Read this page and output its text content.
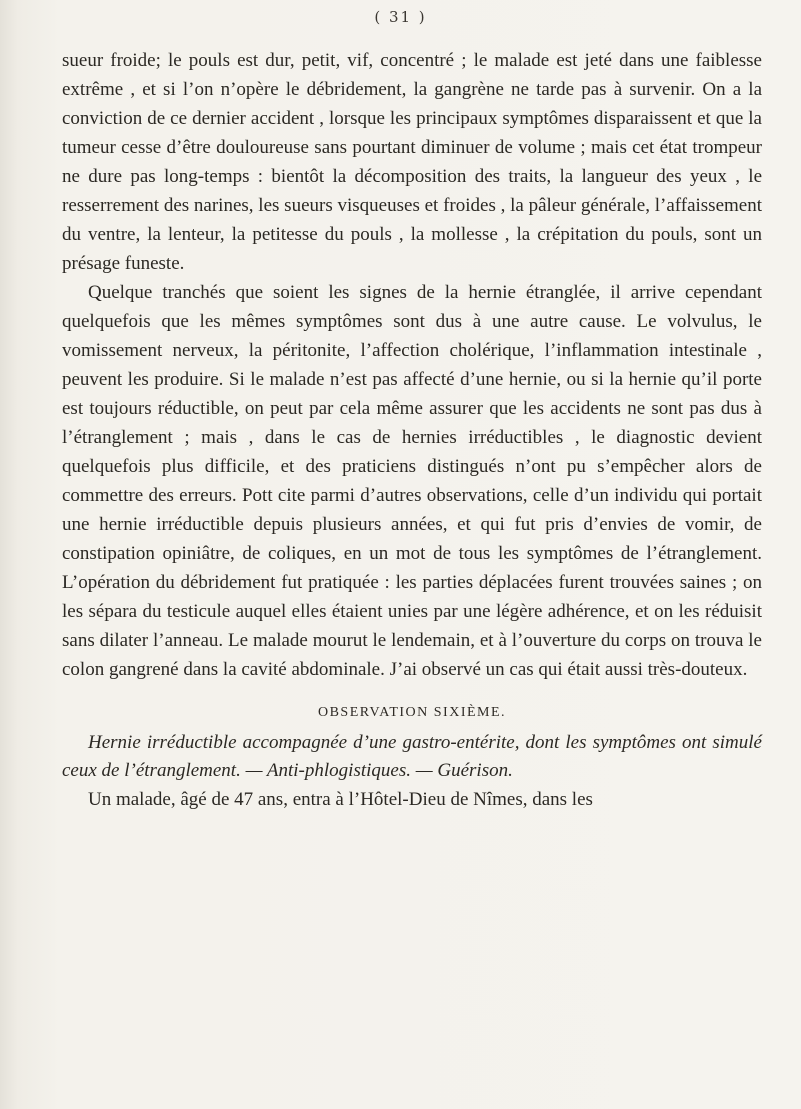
( 31 )

sueur froide; le pouls est dur, petit, vif, concentré ; le malade est jeté dans une faiblesse extrême , et si l’on n’opère le débridement, la gangrène ne tarde pas à survenir. On a la conviction de ce dernier accident , lorsque les principaux symptômes disparaissent et que la tumeur cesse d’être douloureuse sans pourtant diminuer de volume ; mais cet état trompeur ne dure pas long-temps : bientôt la décomposition des traits, la langueur des yeux , le resserrement des narines, les sueurs visqueuses et froides , la pâleur générale, l’affaissement du ventre, la lenteur, la petitesse du pouls , la mollesse , la crépitation du pouls, sont un présage funeste.

Quelque tranchés que soient les signes de la hernie étranglée, il arrive cependant quelquefois que les mêmes symptômes sont dus à une autre cause. Le volvulus, le vomissement nerveux, la péritonite, l’affection cholérique, l’inflammation intestinale , peuvent les produire. Si le malade n’est pas affecté d’une hernie, ou si la hernie qu’il porte est toujours réductible, on peut par cela même assurer que les accidents ne sont pas dus à l’étranglement ; mais , dans le cas de hernies irréductibles , le diagnostic devient quelquefois plus difficile, et des praticiens distingués n’ont pu s’empêcher alors de commettre des erreurs. Pott cite parmi d’autres observations, celle d’un individu qui portait une hernie irréductible depuis plusieurs années, et qui fut pris d’envies de vomir, de constipation opiniâtre, de coliques, en un mot de tous les symptômes de l’étranglement. L’opération du débridement fut pratiquée : les parties déplacées furent trouvées saines ; on les sépara du testicule auquel elles étaient unies par une légère adhérence, et on les réduisit sans dilater l’anneau. Le malade mourut le lendemain, et à l’ouverture du corps on trouva le colon gangrené dans la cavité abdominale. J’ai observé un cas qui était aussi très-douteux.

OBSERVATION SIXIÈME.

Hernie irréductible accompagnée d’une gastro-entérite, dont les symptômes ont simulé ceux de l’étranglement. — Anti-phlogistiques. — Guérison.

Un malade, âgé de 47 ans, entra à l’Hôtel-Dieu de Nîmes, dans les
